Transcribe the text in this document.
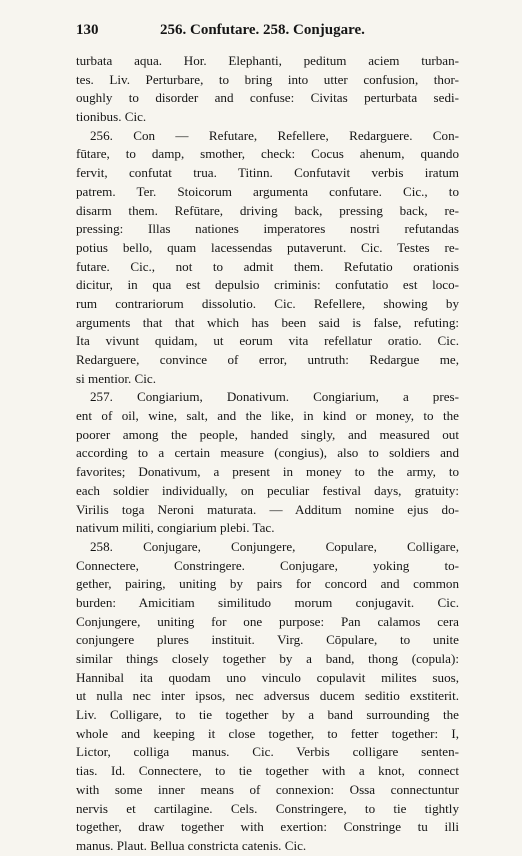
130	256. Confutare. 258. Conjugare.
turbata aqua. Hor. Elephanti, peditum aciem turban-
tes. Liv. Perturbare, to bring into utter confusion, thor-
oughly to disorder and confuse: Civitas perturbata sedi-
tionibus. Cic.
256. Con — Refutare, Refellere, Redarguere. Con-
fūtare, to damp, smother, check: Cocus ahenum, quando
fervit, confutat trua. Titinn. Confutavit verbis iratum
patrem. Ter. Stoicorum argumenta confutare. Cic., to
disarm them. Refūtare, driving back, pressing back, re-
pressing: Illas nationes imperatores nostri refutandas
potius bello, quam lacessendas putaverunt. Cic. Testes re-
futare. Cic., not to admit them. Refutatio orationis
dicitur, in qua est depulsio criminis: confutatio est loco-
rum contrariorum dissolutio. Cic. Refellere, showing by
arguments that that which has been said is false, refuting:
Ita vivunt quidam, ut eorum vita refellatur oratio. Cic.
Redarguere, convince of error, untruth: Redargue me,
si mentior. Cic.
257. Congiarium, Donativum. Congiarium, a pres-
ent of oil, wine, salt, and the like, in kind or money, to the
poorer among the people, handed singly, and measured out
according to a certain measure (congius), also to soldiers and
favorites; Donativum, a present in money to the army, to
each soldier individually, on peculiar festival days, gratuity:
Virilis toga Neroni maturata. — Additum nomine ejus do-
nativum militi, congiarium plebi. Tac.
258. Conjugare, Conjungere, Copulare, Colligare,
Connectere, Constringere. Conjugare, yoking to-
gether, pairing, uniting by pairs for concord and common
burden: Amicitiam similitudo morum conjugavit. Cic.
Conjungere, uniting for one purpose: Pan calamos cera
conjungere plures instituit. Virg. Cōpulare, to unite
similar things closely together by a band, thong (copula):
Hannibal ita quodam uno vinculo copulavit milites suos,
ut nulla nec inter ipsos, nec adversus ducem seditio exstiterit.
Liv. Colligare, to tie together by a band surrounding the
whole and keeping it close together, to fetter together: I,
Lictor, colliga manus. Cic. Verbis colligare senten-
tias. Id. Connectere, to tie together with a knot, connect
with some inner means of connexion: Ossa connectuntur
nervis et cartilagine. Cels. Constringere, to tie tightly
together, draw together with exertion: Constringe tu illi
manus. Plaut. Bellua constricta catenis. Cic.
